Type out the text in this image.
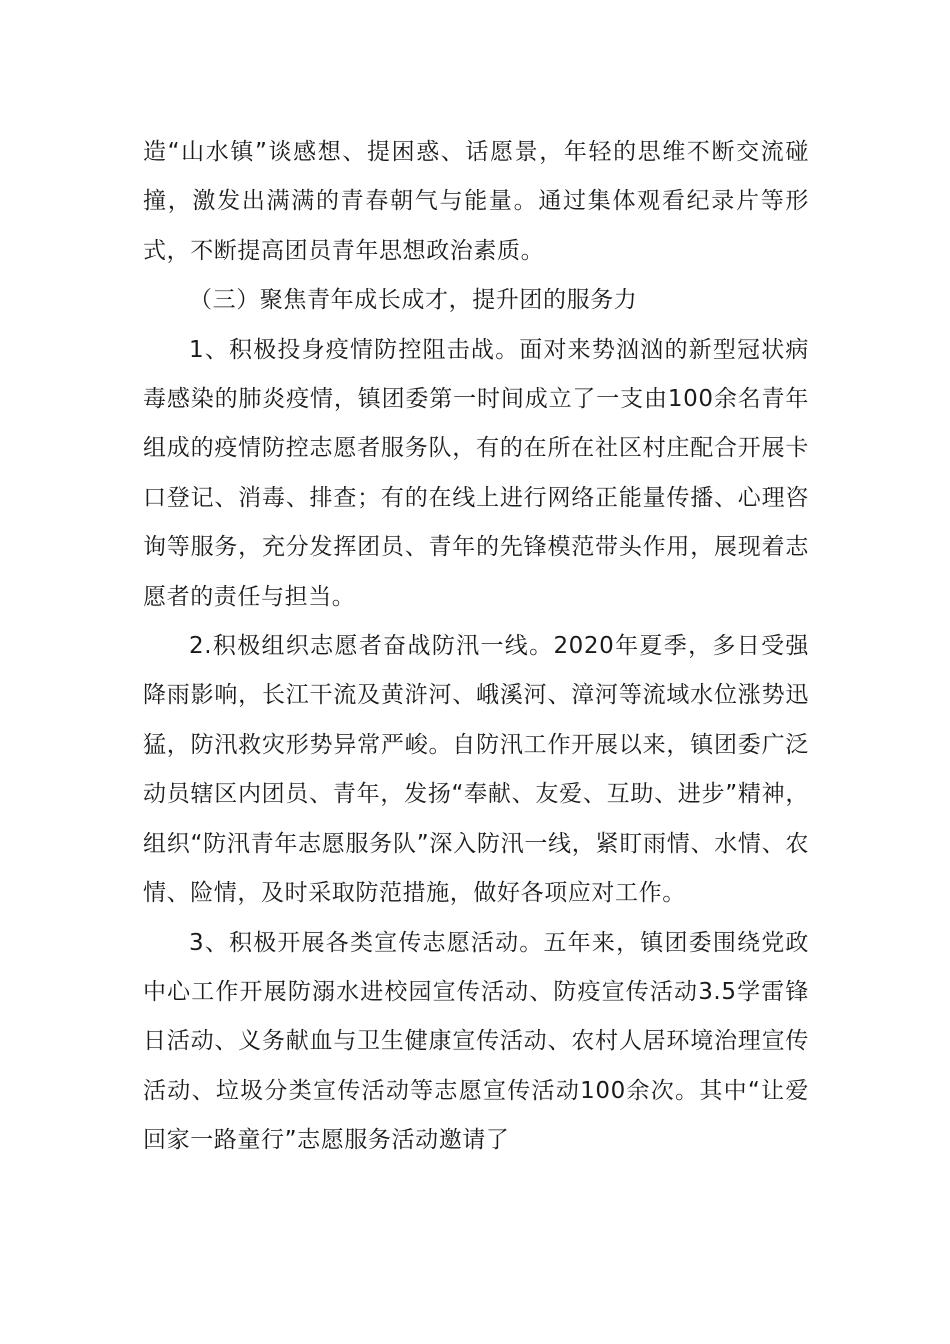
造“山水镇”谈感想、提困惑、话愿景，年轻的思维不断交流碰撞，激发出满满的青春朝气与能量。通过集体观看纪录片等形式，不断提高团员青年思想政治素质。

（三）聚焦青年成长成才，提升团的服务力

1、积极投身疫情防控阻击战。面对来势汹汹的新型冠状病毒感染的肺炎疫情，镇团委第一时间成立了一支由100余名青年组成的疫情防控志愿者服务队，有的在所在社区村庄配合开展卡口登记、消毒、排查；有的在线上进行网络正能量传播、心理咨询等服务，充分发挥团员、青年的先锋模范带头作用，展现着志愿者的责任与担当。

2.积极组织志愿者奋战防汛一线。2020年夏季，多日受强降雨影响，长江干流及黄浒河、峨溪河、漳河等流域水位涨势迅猛，防汛救灾形势异常严峻。自防汛工作开展以来，镇团委广泛动员辖区内团员、青年，发扬“奉献、友爱、互助、进步”精神，组织“防汛青年志愿服务队”深入防汛一线，紧盯雨情、水情、农情、险情，及时采取防范措施，做好各项应对工作。

3、积极开展各类宣传志愿活动。五年来，镇团委围绕党政中心工作开展防溺水进校园宣传活动、防疫宣传活动3.5学雷锋日活动、义务献血与卫生健康宣传活动、农村人居环境治理宣传活动、垃圾分类宣传活动等志愿宣传活动100余次。其中“让爱回家一路童行”志愿服务活动邀请了
